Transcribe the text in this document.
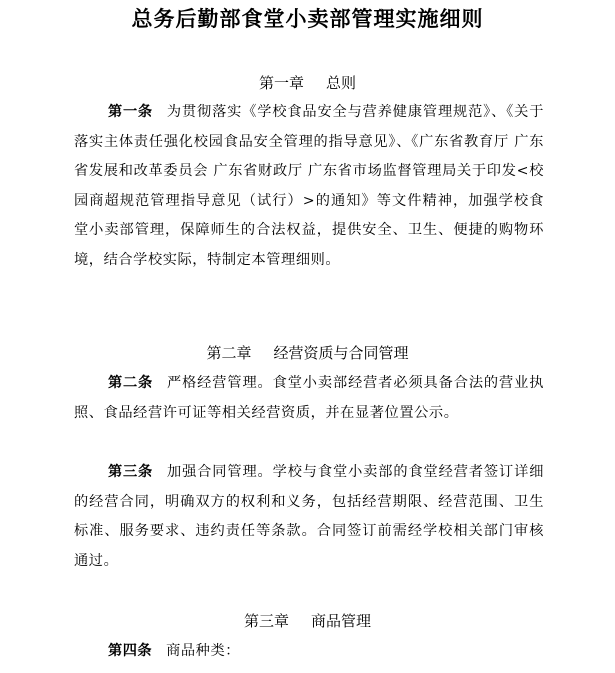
总务后勤部食堂小卖部管理实施细则
第一章 总则
第一条 为贯彻落实《学校食品安全与营养健康管理规范》、《关于落实主体责任强化校园食品安全管理的指导意见》、《广东省教育厅 广东省发展和改革委员会 广东省财政厅 广东省市场监督管理局关于印发<校园商超规范管理指导意见（试行）>的通知》等文件精神，加强学校食堂小卖部管理，保障师生的合法权益，提供安全、卫生、便捷的购物环境，结合学校实际，特制定本管理细则。
第二章 经营资质与合同管理
第二条 严格经营管理。食堂小卖部经营者必须具备合法的营业执照、食品经营许可证等相关经营资质，并在显著位置公示。
第三条 加强合同管理。学校与食堂小卖部的食堂经营者签订详细的经营合同，明确双方的权利和义务，包括经营期限、经营范围、卫生标准、服务要求、违约责任等条款。合同签订前需经学校相关部门审核通过。
第三章 商品管理
第四条 商品种类：
